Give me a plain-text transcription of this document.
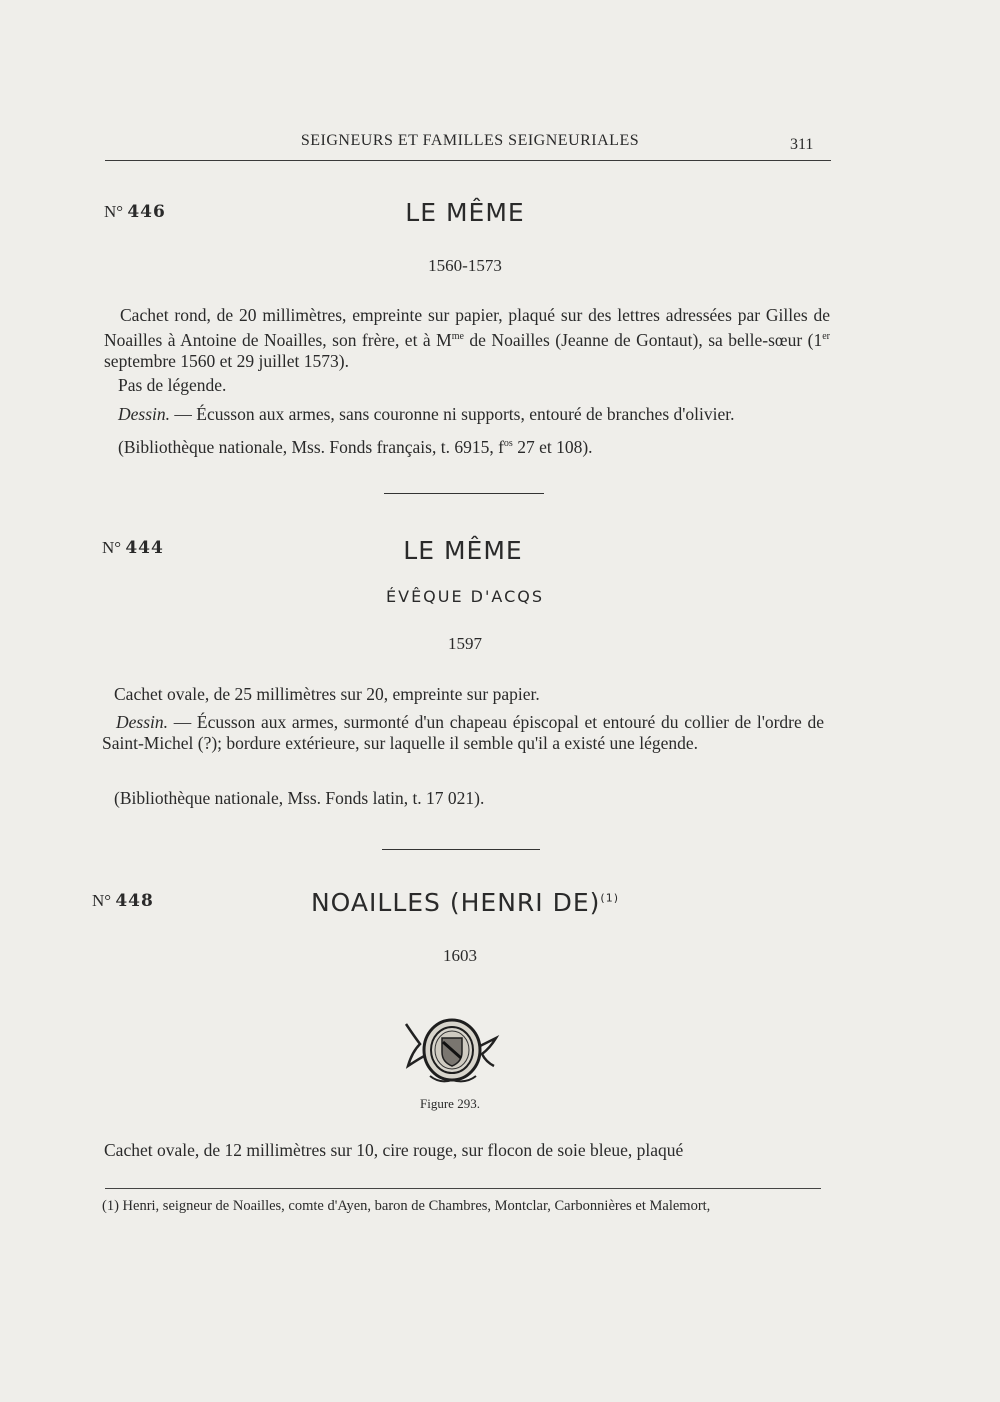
SEIGNEURS ET FAMILLES SEIGNEURIALES	311
N° 446	LE MÊME
1560-1573
Cachet rond, de 20 millimètres, empreinte sur papier, plaqué sur des lettres adressées par Gilles de Noailles à Antoine de Noailles, son frère, et à $M^{me}$ de Noailles (Jeanne de Gontaut), sa belle-sœur (1er septembre 1560 et 29 juillet 1573).
Pas de légende.
Dessin. — Écusson aux armes, sans couronne ni supports, entouré de branches d'olivier.
(Bibliothèque nationale, Mss. Fonds français, t. 6915, $f^{os}$ 27 et 108).
N° 444	LE MÊME
ÉVÊQUE D'ACQS
1597
Cachet ovale, de 25 millimètres sur 20, empreinte sur papier.
Dessin. — Écusson aux armes, surmonté d'un chapeau épiscopal et entouré du collier de l'ordre de Saint-Michel (?); bordure extérieure, sur laquelle il semble qu'il a existé une légende.
(Bibliothèque nationale, Mss. Fonds latin, t. 17 021).
N° 448	NOAILLES (HENRI DE)$^{(1)}$
1603
Figure 293.
Cachet ovale, de 12 millimètres sur 10, cire rouge, sur flocon de soie bleue, plaqué
(1) Henri, seigneur de Noailles, comte d'Ayen, baron de Chambres, Montclar, Carbonnières et Malemort,
